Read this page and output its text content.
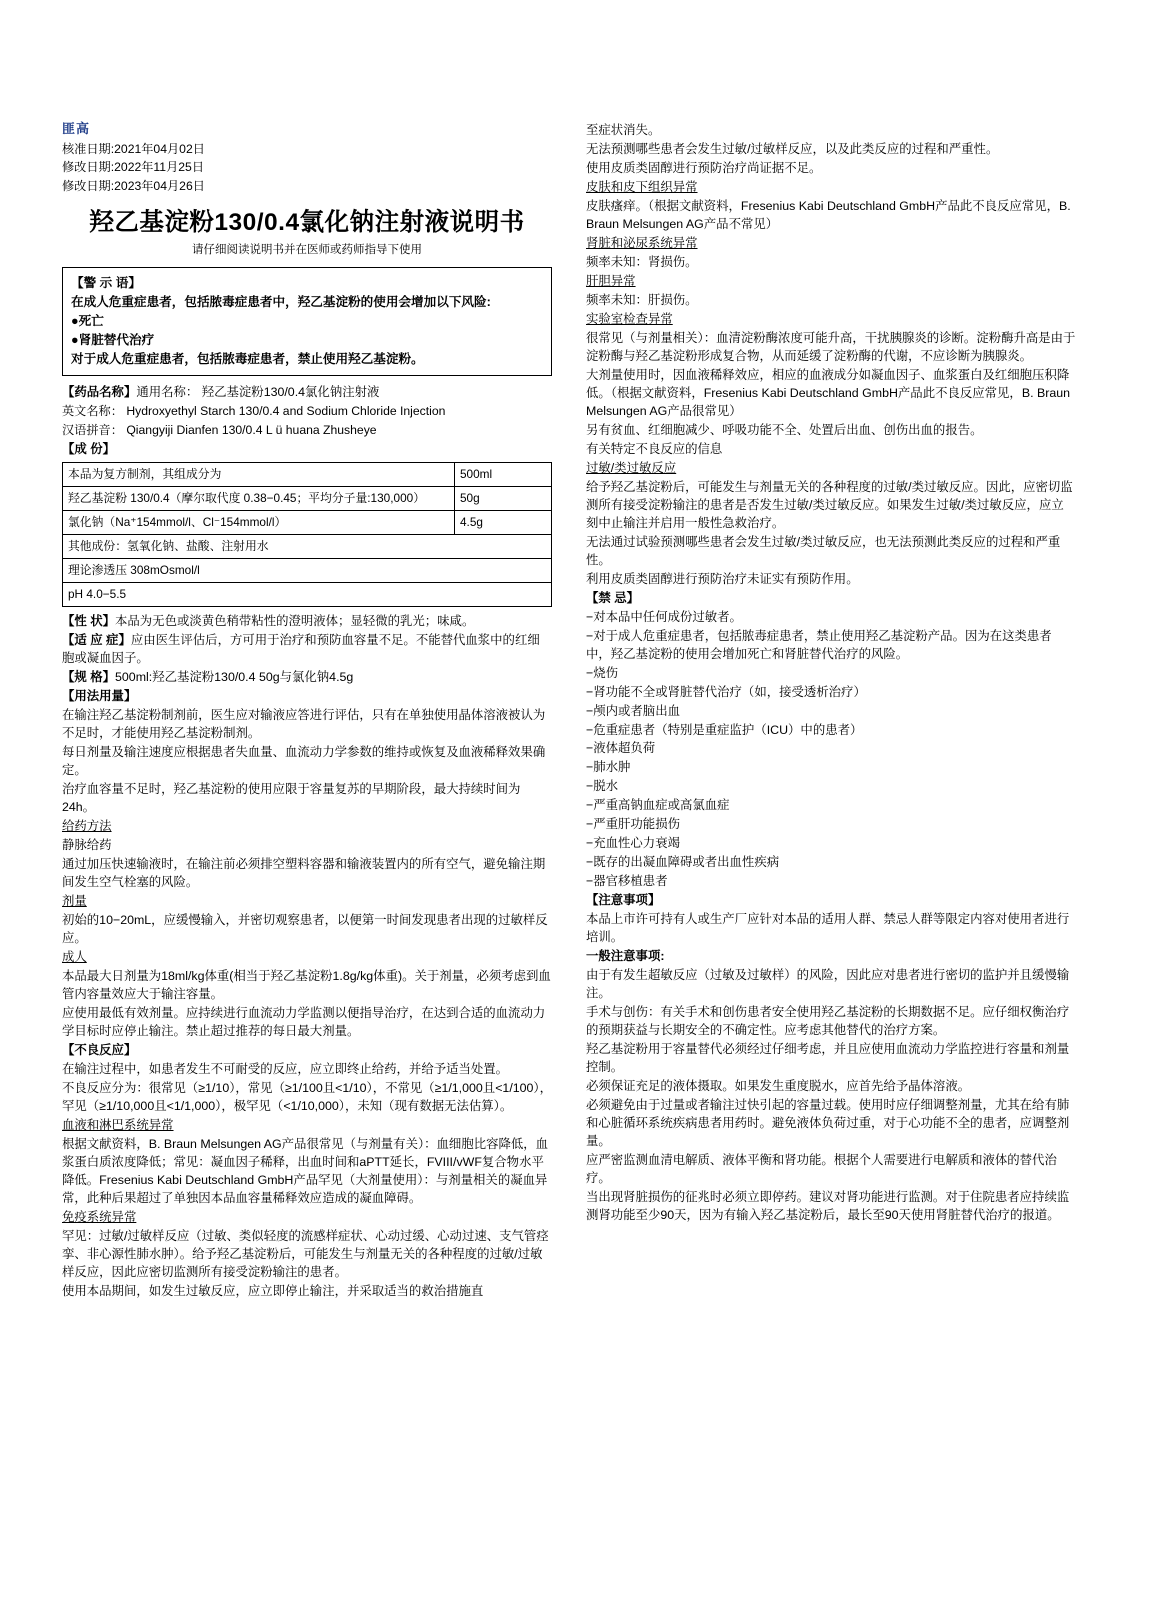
匪高

核准日期:2021年04月02日

修改日期:2022年11月25日

修改日期:2023年04月26日

羟乙基淀粉130/0.4氯化钠注射液说明书
请仔细阅读说明书并在医师或药师指导下使用
【警 示 语】
在成人危重症患者，包括脓毒症患者中，羟乙基淀粉的使用会增加以下风险:
●死亡
●肾脏替代治疗
对于成人危重症患者，包括脓毒症患者，禁止使用羟乙基淀粉。

【药品名称】通用名称： 羟乙基淀粉130/0.4氯化钠注射液

英文名称： Hydroxyethyl Starch 130/0.4 and Sodium Chloride Injection

汉语拼音： Qiangyiji Dianfen 130/0.4 L ü huana Zhusheye

【成 份】

本品为复方制剂，其组成分为	500ml
羟乙基淀粉 130/0.4（摩尔取代度 0.38−0.45；平均分子量:130,000）	50g
氯化钠（Na⁺154mmol/l、Cl⁻154mmol/l）	4.5g
其他成份：氢氧化钠、盐酸、注射用水	
理论渗透压 308mOsmol/l	
pH 4.0−5.5	

【性 状】本品为无色或淡黄色稍带粘性的澄明液体；显轻微的乳光；味咸。

【适 应 症】应由医生评估后，方可用于治疗和预防血容量不足。不能替代血浆中的红细胞或凝血因子。

【规 格】500ml:羟乙基淀粉130/0.4 50g与氯化钠4.5g

【用法用量】

在输注羟乙基淀粉制剂前，医生应对输液应答进行评估，只有在单独使用晶体溶液被认为不足时，才能使用羟乙基淀粉制剂。

每日剂量及输注速度应根据患者失血量、血流动力学参数的维持或恢复及血液稀释效果确定。

治疗血容量不足时，羟乙基淀粉的使用应限于容量复苏的早期阶段，最大持续时间为24h。

给药方法

静脉给药

通过加压快速输液时，在输注前必须排空塑料容器和输液装置内的所有空气，避免输注期间发生空气栓塞的风险。

剂量

初始的10−20mL，应缓慢输入，并密切观察患者，以便第一时间发现患者出现的过敏样反应。

成人

本品最大日剂量为18ml/kg体重(相当于羟乙基淀粉1.8g/kg体重)。关于剂量，必须考虑到血管内容量效应大于输注容量。

应使用最低有效剂量。应持续进行血流动力学监测以便指导治疗，在达到合适的血流动力学目标时应停止输注。禁止超过推荐的每日最大剂量。

【不良反应】

在输注过程中，如患者发生不可耐受的反应，应立即终止给药，并给予适当处置。

不良反应分为：很常见（≥1/10），常见（≥1/100且<1/10），不常见（≥1/1,000且<1/100），罕见（≥1/10,000且<1/1,000），极罕见（<1/10,000），未知（现有数据无法估算）。

血液和淋巴系统异常

根据文献资料，B. Braun Melsungen AG产品很常见（与剂量有关）：血细胞比容降低，血浆蛋白质浓度降低；常见：凝血因子稀释，出血时间和aPTT延长，FVIII/vWF复合物水平降低。Fresenius Kabi Deutschland GmbH产品罕见（大剂量使用）：与剂量相关的凝血异常，此种后果超过了单独因本品血容量稀释效应造成的凝血障碍。

免疫系统异常

罕见：过敏/过敏样反应（过敏、类似轻度的流感样症状、心动过缓、心动过速、支气管痉挛、非心源性肺水肿）。给予羟乙基淀粉后，可能发生与剂量无关的各种程度的过敏/过敏样反应，因此应密切监测所有接受淀粉输注的患者。

使用本品期间，如发生过敏反应，应立即停止输注，并采取适当的救治措施直

至症状消失。

无法预测哪些患者会发生过敏/过敏样反应，以及此类反应的过程和严重性。

使用皮质类固醇进行预防治疗尚证据不足。

皮肤和皮下组织异常

皮肤瘙痒。（根据文献资料，Fresenius Kabi Deutschland GmbH产品此不良反应常见，B. Braun Melsungen AG产品不常见）

肾脏和泌尿系统异常

频率未知：肾损伤。

肝胆异常

频率未知：肝损伤。

实验室检查异常

很常见（与剂量相关）：血清淀粉酶浓度可能升高，干扰胰腺炎的诊断。淀粉酶升高是由于淀粉酶与羟乙基淀粉形成复合物，从而延缓了淀粉酶的代谢，不应诊断为胰腺炎。

大剂量使用时，因血液稀释效应，相应的血液成分如凝血因子、血浆蛋白及红细胞压积降低。（根据文献资料，Fresenius Kabi Deutschland GmbH产品此不良反应常见，B. Braun Melsungen AG产品很常见）

另有贫血、红细胞减少、呼吸功能不全、处置后出血、创伤出血的报告。

有关特定不良反应的信息

过敏/类过敏反应

给予羟乙基淀粉后，可能发生与剂量无关的各种程度的过敏/类过敏反应。因此，应密切监测所有接受淀粉输注的患者是否发生过敏/类过敏反应。如果发生过敏/类过敏反应，应立刻中止输注并启用一般性急救治疗。

无法通过试验预测哪些患者会发生过敏/类过敏反应，也无法预测此类反应的过程和严重性。

利用皮质类固醇进行预防治疗未证实有预防作用。

【禁 忌】

−对本品中任何成份过敏者。

−对于成人危重症患者，包括脓毒症患者，禁止使用羟乙基淀粉产品。因为在这类患者中，羟乙基淀粉的使用会增加死亡和肾脏替代治疗的风险。

−烧伤

−肾功能不全或肾脏替代治疗（如，接受透析治疗）

−颅内或者脑出血

−危重症患者（特别是重症监护（ICU）中的患者）

−液体超负荷

−肺水肿

−脱水

−严重高钠血症或高氯血症

−严重肝功能损伤

−充血性心力衰竭

−既存的出凝血障碍或者出血性疾病

−器官移植患者

【注意事项】

本品上市许可持有人或生产厂应针对本品的适用人群、禁忌人群等限定内容对使用者进行培训。

一般注意事项:

由于有发生超敏反应（过敏及过敏样）的风险，因此应对患者进行密切的监护并且缓慢输注。

手术与创伤：有关手术和创伤患者安全使用羟乙基淀粉的长期数据不足。应仔细权衡治疗的预期获益与长期安全的不确定性。应考虑其他替代的治疗方案。

羟乙基淀粉用于容量替代必须经过仔细考虑，并且应使用血流动力学监控进行容量和剂量控制。

必须保证充足的液体摄取。如果发生重度脱水，应首先给予晶体溶液。

必须避免由于过量或者输注过快引起的容量过载。使用时应仔细调整剂量，尤其在给有肺和心脏循环系统疾病患者用药时。避免液体负荷过重，对于心功能不全的患者，应调整剂量。

应严密监测血清电解质、液体平衡和肾功能。根据个人需要进行电解质和液体的替代治疗。

当出现肾脏损伤的征兆时必须立即停药。建议对肾功能进行监测。对于住院患者应持续监测肾功能至少90天，因为有输入羟乙基淀粉后，最长至90天使用肾脏替代治疗的报道。
